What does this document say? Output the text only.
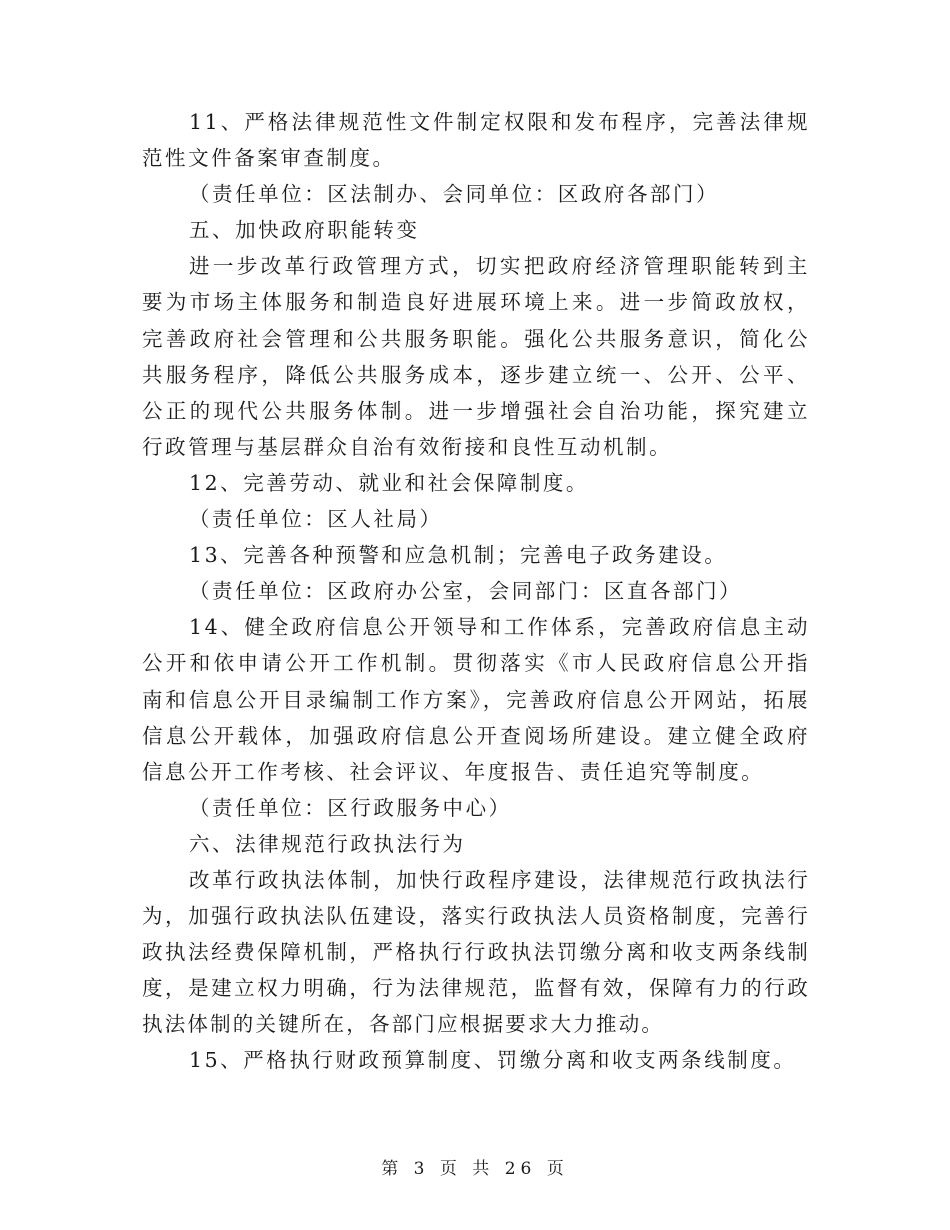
11、严格法律规范性文件制定权限和发布程序，完善法律规范性文件备案审查制度。

（责任单位：区法制办、会同单位：区政府各部门）

五、加快政府职能转变

进一步改革行政管理方式，切实把政府经济管理职能转到主要为市场主体服务和制造良好进展环境上来。进一步简政放权，完善政府社会管理和公共服务职能。强化公共服务意识，简化公共服务程序，降低公共服务成本，逐步建立统一、公开、公平、公正的现代公共服务体制。进一步增强社会自治功能，探究建立行政管理与基层群众自治有效衔接和良性互动机制。

12、完善劳动、就业和社会保障制度。

（责任单位：区人社局）

13、完善各种预警和应急机制；完善电子政务建设。

（责任单位：区政府办公室，会同部门：区直各部门）

14、健全政府信息公开领导和工作体系，完善政府信息主动公开和依申请公开工作机制。贯彻落实《市人民政府信息公开指南和信息公开目录编制工作方案》，完善政府信息公开网站，拓展信息公开载体，加强政府信息公开查阅场所建设。建立健全政府信息公开工作考核、社会评议、年度报告、责任追究等制度。

（责任单位：区行政服务中心）

六、法律规范行政执法行为

改革行政执法体制，加快行政程序建设，法律规范行政执法行为，加强行政执法队伍建设，落实行政执法人员资格制度，完善行政执法经费保障机制，严格执行行政执法罚缴分离和收支两条线制度，是建立权力明确，行为法律规范，监督有效，保障有力的行政执法体制的关键所在，各部门应根据要求大力推动。

15、严格执行财政预算制度、罚缴分离和收支两条线制度。

第 3 页 共 26 页
